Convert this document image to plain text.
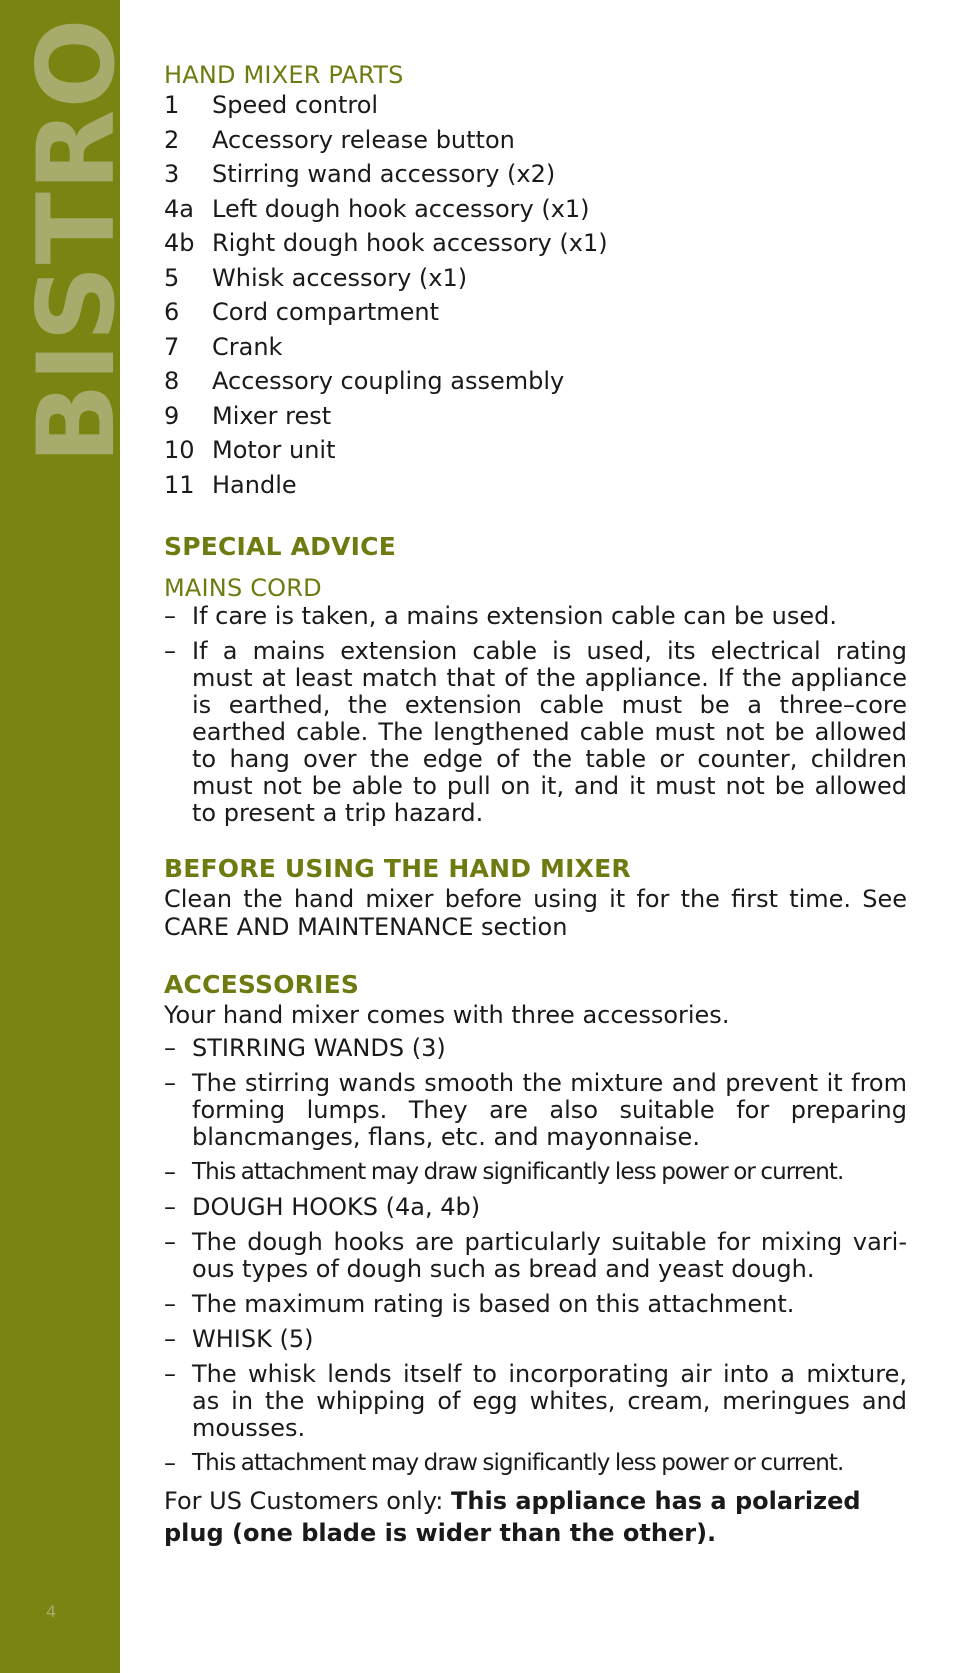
BISTRO
4
HAND MIXER PARTS
1	Speed control
2	Accessory release button
3	Stirring wand accessory (x2)
4a Left dough hook accessory (x1)
4b Right dough hook accessory (x1)
5	Whisk accessory (x1)
6	Cord compartment
7	Crank
8	Accessory coupling assembly
9	Mixer rest
10 Motor unit
11 Handle
SPECIAL ADVICE
MAINS CORD
– If care is taken, a mains extension cable can be used.
– If a mains extension cable is used, its electrical rating must at least match that of the appliance. If the appliance is earthed, the extension cable must be a three–core earthed cable. The lengthened cable must not be allowed to hang over the edge of the table or counter, children must not be able to pull on it, and it must not be allowed to present a trip hazard.
BEFORE USING THE HAND MIXER

Clean the hand mixer before using it for the first time. See CARE AND MAINTENANCE section

ACCESSORIES

Your hand mixer comes with three accessories.

– STIRRING WANDS (3)
– The stirring wands smooth the mixture and prevent it from forming lumps. They are also suitable for preparing blancmanges, flans, etc. and mayonnaise.
– This attachment may draw significantly less power or current.
– DOUGH HOOKS (4a, 4b)
– The dough hooks are particularly suitable for mixing vari-ous types of dough such as bread and yeast dough.
– The maximum rating is based on this attachment.
– WHISK (5)
– The whisk lends itself to incorporating air into a mixture, as in the whipping of egg whites, cream, meringues and mousses.
– This attachment may draw significantly less power or current.

For US Customers only: This appliance has a polarized plug (one blade is wider than the other).
